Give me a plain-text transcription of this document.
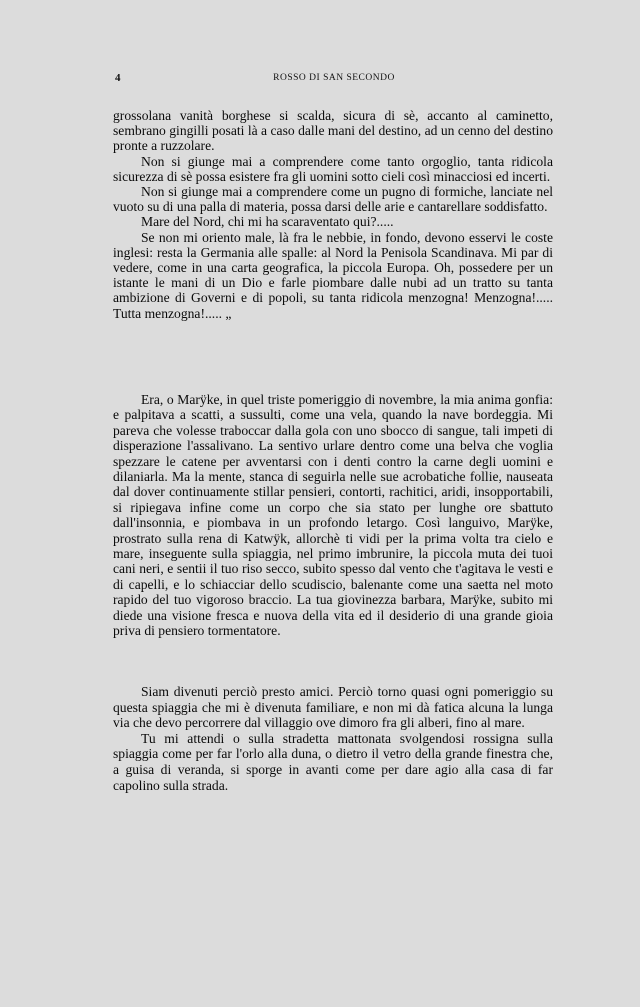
4	ROSSO DI SAN SECONDO

grossolana vanità borghese si scalda, sicura di sè, accanto al caminetto, sembrano gingilli posati là a caso dalle mani del destino, ad un cenno del destino pronte a ruzzolare.

Non si giunge mai a comprendere come tanto orgoglio, tanta ridicola sicurezza di sè possa esistere fra gli uomini sotto cieli così minacciosi ed incerti.

Non si giunge mai a comprendere come un pugno di formiche, lanciate nel vuoto su di una palla di materia, possa darsi delle arie e cantarellare soddisfatto.

Mare del Nord, chi mi ha scaraventato qui?.....

Se non mi oriento male, là fra le nebbie, in fondo, devono esservi le coste inglesi: resta la Germania alle spalle: al Nord la Penisola Scandinava. Mi par di vedere, come in una carta geografica, la piccola Europa. Oh, possedere per un istante le mani di un Dio e farle piombare dalle nubi ad un tratto su tanta ambizione di Governi e di popoli, su tanta ridicola menzogna! Menzogna!..... Tutta menzogna!..... „

Era, o Marÿke, in quel triste pomeriggio di novembre, la mia anima gonfia: e palpitava a scatti, a sussulti, come una vela, quando la nave bordeggia. Mi pareva che volesse traboccar dalla gola con uno sbocco di sangue, tali impeti di disperazione l'assalivano. La sentivo urlare dentro come una belva che voglia spezzare le catene per avventarsi con i denti contro la carne degli uomini e dilaniarla. Ma la mente, stanca di seguirla nelle sue acrobatiche follie, nauseata dal dover continuamente stillar pensieri, contorti, rachitici, aridi, insopportabili, si ripiegava infine come un corpo che sia stato per lunghe ore sbattuto dall'insonnia, e piombava in un profondo letargo. Così languivo, Marÿke, prostrato sulla rena di Katwÿk, allorchè ti vidi per la prima volta tra cielo e mare, inseguente sulla spiaggia, nel primo imbrunire, la piccola muta dei tuoi cani neri, e sentii il tuo riso secco, subito spesso dal vento che t'agitava le vesti e di capelli, e lo schiacciar dello scudiscio, balenante come una saetta nel moto rapido del tuo vigoroso braccio. La tua giovinezza barbara, Marÿke, subito mi diede una visione fresca e nuova della vita ed il desiderio di una grande gioia priva di pensiero tormentatore.

Siam divenuti perciò presto amici. Perciò torno quasi ogni pomeriggio su questa spiaggia che mi è divenuta familiare, e non mi dà fatica alcuna la lunga via che devo percorrere dal villaggio ove dimoro fra gli alberi, fino al mare.

Tu mi attendi o sulla stradetta mattonata svolgendosi rossigna sulla spiaggia come per far l'orlo alla duna, o dietro il vetro della grande finestra che, a guisa di veranda, si sporge in avanti come per dare agio alla casa di far capolino sulla strada.
